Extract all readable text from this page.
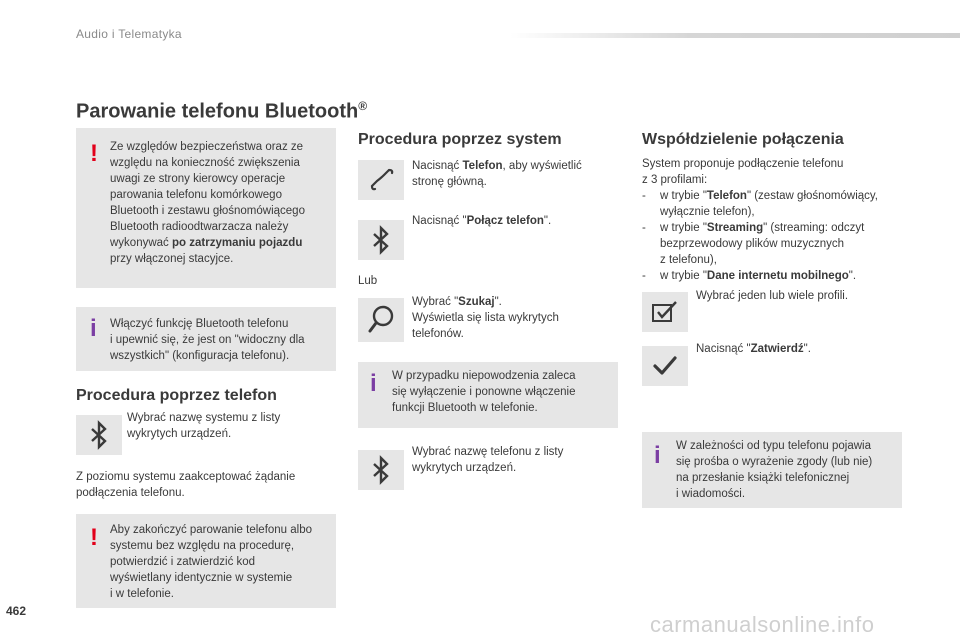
Audio i Telematyka
Parowanie telefonu Bluetooth®
! Ze względów bezpieczeństwa oraz ze
względu na konieczność zwiększenia
uwagi ze strony kierowcy operacje
parowania telefonu komórkowego
Bluetooth i zestawu głośnomówiącego
Bluetooth radioodtwarzacza należy
wykonywać po zatrzymaniu pojazdu
przy włączonej stacyjce.
i Włączyć funkcję Bluetooth telefonu
i upewnić się, że jest on "widoczny dla
wszystkich" (konfiguracja telefonu).
Procedura poprzez telefon
Wybrać nazwę systemu z listy
wykrytych urządzeń.
Z poziomu systemu zaakceptować żądanie
podłączenia telefonu.
! Aby zakończyć parowanie telefonu albo
systemu bez względu na procedurę,
potwierdzić i zatwierdzić kod
wyświetlany identycznie w systemie
i w telefonie.
Procedura poprzez system
Nacisnąć Telefon, aby wyświetlić
stronę główną.
Nacisnąć "Połącz telefon".
Lub
Wybrać "Szukaj".
Wyświetla się lista wykrytych
telefonów.
i W przypadku niepowodzenia zaleca
się wyłączenie i ponowne włączenie
funkcji Bluetooth w telefonie.
Wybrać nazwę telefonu z listy
wykrytych urządzeń.
Współdzielenie połączenia
System proponuje podłączenie telefonu
z 3 profilami:
- w trybie "Telefon" (zestaw głośnomówiący,
wyłącznie telefon),
- w trybie "Streaming" (streaming: odczyt
bezprzewodowy plików muzycznych
z telefonu),
- w trybie "Dane internetu mobilnego".
Wybrać jeden lub wiele profili.
Nacisnąć "Zatwierdź".
i W zależności od typu telefonu pojawia
się prośba o wyrażenie zgody (lub nie)
na przesłanie książki telefonicznej
i wiadomości.
462
carmanualsonline.info
